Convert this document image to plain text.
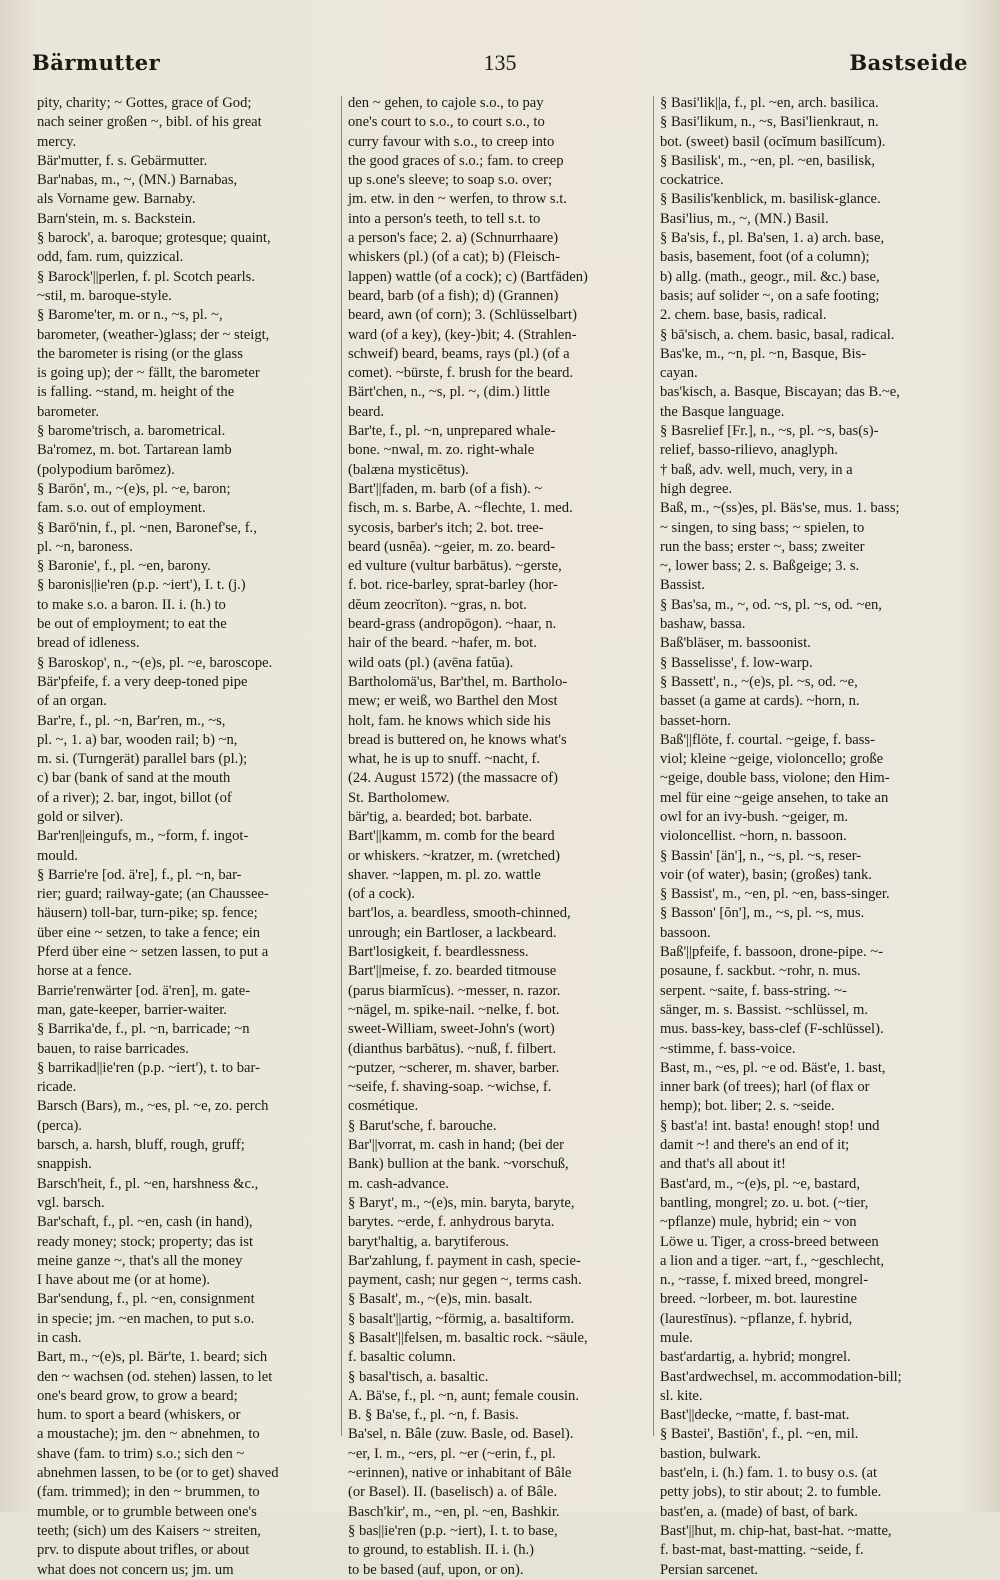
Bärmutter	135	Bastseide
pity, charity; ~ Gottes, grace of God;
nach seiner großen ~, bibl. of his great
mercy.
Bär'mutter, f. s. Gebärmutter.
Bar'nabas, m., ~, (MN.) Barnabas,
als Vorname gew. Barnaby.
Barn'stein, m. s. Backstein.
§ barock', a. baroque; grotesque; quaint,
odd, fam. rum, quizzical.
§ Barock'||perlen, f. pl. Scotch pearls.
~stil, m. baroque-style.
§ Barome'ter, m. or n., ~s, pl. ~,
barometer, (weather-)glass; der ~ steigt,
the barometer is rising (or the glass
is going up); der ~ fällt, the barometer
is falling. ~stand, m. height of the
barometer.
§ barome'trisch, a. barometrical.
Ba'romez, m. bot. Tartarean lamb
(polypodium barŏmez).
§ Barōn', m., ~(e)s, pl. ~e, baron;
fam. s.o. out of employment.
§ Barō'nin, f., pl. ~nen, Baronef'se, f.,
pl. ~n, baroness.
§ Baronie', f., pl. ~en, barony.
§ baronis||ie'ren (p.p. ~iert'), I. t. (j.)
to make s.o. a baron. II. i. (h.) to
be out of employment; to eat the
bread of idleness.
§ Baroskop', n., ~(e)s, pl. ~e, baroscope.
Bär'pfeife, f. a very deep-toned pipe
of an organ.
Bar're, f., pl. ~n, Bar'ren, m., ~s,
pl. ~, 1. a) bar, wooden rail; b) ~n,
m. si. (Turngerät) parallel bars (pl.);
c) bar (bank of sand at the mouth
of a river); 2. bar, ingot, billot (of
gold or silver).
Bar'ren||eingufs, m., ~form, f. ingot-
mould.
§ Barrie're [od. ä're], f., pl. ~n, bar-
rier; guard; railway-gate; (an Chaussee-
häusern) toll-bar, turn-pike; sp. fence;
über eine ~ setzen, to take a fence; ein
Pferd über eine ~ setzen lassen, to put a
horse at a fence.
Barrie'renwärter [od. ä'ren], m. gate-
man, gate-keeper, barrier-waiter.
§ Barrika'de, f., pl. ~n, barricade; ~n
bauen, to raise barricades.
§ barrikad||ie'ren (p.p. ~iert'), t. to bar-
ricade.
Barsch (Bars), m., ~es, pl. ~e, zo. perch
(perca).
barsch, a. harsh, bluff, rough, gruff;
snappish.
Barsch'heit, f., pl. ~en, harshness &c.,
vgl. barsch.
Bar'schaft, f., pl. ~en, cash (in hand),
ready money; stock; property; das ist
meine ganze ~, that's all the money
I have about me (or at home).
Bar'sendung, f., pl. ~en, consignment
in specie; jm. ~en machen, to put s.o.
in cash.
Bart, m., ~(e)s, pl. Bär'te, 1. beard; sich
den ~ wachsen (od. stehen) lassen, to let
one's beard grow, to grow a beard;
hum. to sport a beard (whiskers, or
a moustache); jm. den ~ abnehmen, to
shave (fam. to trim) s.o.; sich den ~
abnehmen lassen, to be (or to get) shaved
(fam. trimmed); in den ~ brummen, to
mumble, or to grumble between one's
teeth; (sich) um des Kaisers ~ streiten,
prv. to dispute about trifles, or about
what does not concern us; jm. um
den ~ gehen, to cajole s.o., to pay
one's court to s.o., to court s.o., to
curry favour with s.o., to creep into
the good graces of s.o.; fam. to creep
up s.one's sleeve; to soap s.o. over;
jm. etw. in den ~ werfen, to throw s.t.
into a person's teeth, to tell s.t. to
a person's face; 2. a) (Schnurrhaare)
whiskers (pl.) (of a cat); b) (Fleisch-
lappen) wattle (of a cock); c) (Bartfäden)
beard, barb (of a fish); d) (Grannen)
beard, awn (of corn); 3. (Schlüsselbart)
ward (of a key), (key-)bit; 4. (Strahlen-
schweif) beard, beams, rays (pl.) (of a
comet). ~bürste, f. brush for the beard.
Bärt'chen, n., ~s, pl. ~, (dim.) little
beard.
Bar'te, f., pl. ~n, unprepared whale-
bone. ~nwal, m. zo. right-whale
(balæna mysticētus).
Bart'||faden, m. barb (of a fish). ~
fisch, m. s. Barbe, A. ~flechte, 1. med.
sycosis, barber's itch; 2. bot. tree-
beard (usnĕa). ~geier, m. zo. beard-
ed vulture (vultur barbātus). ~gerste,
f. bot. rice-barley, sprat-barley (hor-
dĕum zeocrĭton). ~gras, n. bot.
beard-grass (andropōgon). ~haar, n.
hair of the beard. ~hafer, m. bot.
wild oats (pl.) (avēna fatŭa).
Bartholomä'us, Bar'thel, m. Bartholo-
mew; er weiß, wo Barthel den Most
holt, fam. he knows which side his
bread is buttered on, he knows what's
what, he is up to snuff. ~nacht, f.
(24. August 1572) (the massacre of)
St. Bartholomew.
bär'tig, a. bearded; bot. barbate.
Bart'||kamm, m. comb for the beard
or whiskers. ~kratzer, m. (wretched)
shaver. ~lappen, m. pl. zo. wattle
(of a cock).
bart'los, a. beardless, smooth-chinned,
unrough; ein Bartloser, a lackbeard.
Bart'losigkeit, f. beardlessness.
Bart'||meise, f. zo. bearded titmouse
(parus biarmĭcus). ~messer, n. razor.
~nägel, m. spike-nail. ~nelke, f. bot.
sweet-William, sweet-John's (wort)
(dianthus barbātus). ~nuß, f. filbert.
~putzer, ~scherer, m. shaver, barber.
~seife, f. shaving-soap. ~wichse, f.
cosmétique.
§ Barut'sche, f. barouche.
Bar'||vorrat, m. cash in hand; (bei der
Bank) bullion at the bank. ~vorschuß,
m. cash-advance.
§ Baryt', m., ~(e)s, min. baryta, baryte,
barytes. ~erde, f. anhydrous baryta.
baryt'haltig, a. barytiferous.
Bar'zahlung, f. payment in cash, specie-
payment, cash; nur gegen ~, terms cash.
§ Basalt', m., ~(e)s, min. basalt.
§ basalt'||artig, ~förmig, a. basaltiform.
§ Basalt'||felsen, m. basaltic rock. ~säule,
f. basaltic column.
§ basal'tisch, a. basaltic.
A. Bä'se, f., pl. ~n, aunt; female cousin.
B. § Ba'se, f., pl. ~n, f. Basis.
Ba'sel, n. Bâle (zuw. Basle, od. Basel).
~er, I. m., ~ers, pl. ~er (~erin, f., pl.
~erinnen), native or inhabitant of Bâle
(or Basel). II. (baselisch) a. of Bâle.
Basch'kir', m., ~en, pl. ~en, Bashkir.
§ bas||ie'ren (p.p. ~iert), I. t. to base,
to ground, to establish. II. i. (h.)
to be based (auf, upon, or on).
§ Basi'lik||a, f., pl. ~en, arch. basilica.
§ Basi'likum, n., ~s, Basi'lienkraut, n.
bot. (sweet) basil (ocĭmum basilĭcum).
§ Basilisk', m., ~en, pl. ~en, basilisk,
cockatrice.
§ Basilis'kenblick, m. basilisk-glance.
Basi'lius, m., ~, (MN.) Basil.
§ Ba'sis, f., pl. Ba'sen, 1. a) arch. base,
basis, basement, foot (of a column);
b) allg. (math., geogr., mil. &c.) base,
basis; auf solider ~, on a safe footing;
2. chem. base, basis, radical.
§ bā'sisch, a. chem. basic, basal, radical.
Bas'ke, m., ~n, pl. ~n, Basque, Bis-
cayan.
bas'kisch, a. Basque, Biscayan; das B.~e,
the Basque language.
§ Basrelief [Fr.], n., ~s, pl. ~s, bas(s)-
relief, basso-rilievo, anaglyph.
† baß, adv. well, much, very, in a
high degree.
Baß, m., ~(ss)es, pl. Bäs'se, mus. 1. bass;
~ singen, to sing bass; ~ spielen, to
run the bass; erster ~, bass; zweiter
~, lower bass; 2. s. Baßgeige; 3. s.
Bassist.
§ Bas'sa, m., ~, od. ~s, pl. ~s, od. ~en,
bashaw, bassa.
Baß'bläser, m. bassoonist.
§ Basselisse', f. low-warp.
§ Bassett', n., ~(e)s, pl. ~s, od. ~e,
basset (a game at cards). ~horn, n.
basset-horn.
Baß'||flöte, f. courtal. ~geige, f. bass-
viol; kleine ~geige, violoncello; große
~geige, double bass, violone; den Him-
mel für eine ~geige ansehen, to take an
owl for an ivy-bush. ~geiger, m.
violoncellist. ~horn, n. bassoon.
§ Bassin' [än'], n., ~s, pl. ~s, reser-
voir (of water), basin; (großes) tank.
§ Bassist', m., ~en, pl. ~en, bass-singer.
§ Basson' [ŏn'], m., ~s, pl. ~s, mus.
bassoon.
Baß'||pfeife, f. bassoon, drone-pipe. ~-
posaune, f. sackbut. ~rohr, n. mus.
serpent. ~saite, f. bass-string. ~-
sänger, m. s. Bassist. ~schlüssel, m.
mus. bass-key, bass-clef (F-schlüssel).
~stimme, f. bass-voice.
Bast, m., ~es, pl. ~e od. Bäst'e, 1. bast,
inner bark (of trees); harl (of flax or
hemp); bot. liber; 2. s. ~seide.
§ bast'a! int. basta! enough! stop! und
damit ~! and there's an end of it;
and that's all about it!
Bast'ard, m., ~(e)s, pl. ~e, bastard,
bantling, mongrel; zo. u. bot. (~tier,
~pflanze) mule, hybrid; ein ~ von
Löwe u. Tiger, a cross-breed between
a lion and a tiger. ~art, f., ~geschlecht,
n., ~rasse, f. mixed breed, mongrel-
breed. ~lorbeer, m. bot. laurestine
(laurestīnus). ~pflanze, f. hybrid,
mule.
bast'ardartig, a. hybrid; mongrel.
Bast'ardwechsel, m. accommodation-bill;
sl. kite.
Bast'||decke, ~matte, f. bast-mat.
§ Bastei', Bastiōn', f., pl. ~en, mil.
bastion, bulwark.
bast'eln, i. (h.) fam. 1. to busy o.s. (at
petty jobs), to stir about; 2. to fumble.
bast'en, a. (made) of bast, of bark.
Bast'||hut, m. chip-hat, bast-hat. ~matte,
f. bast-mat, bast-matting. ~seide, f.
Persian sarcenet.
